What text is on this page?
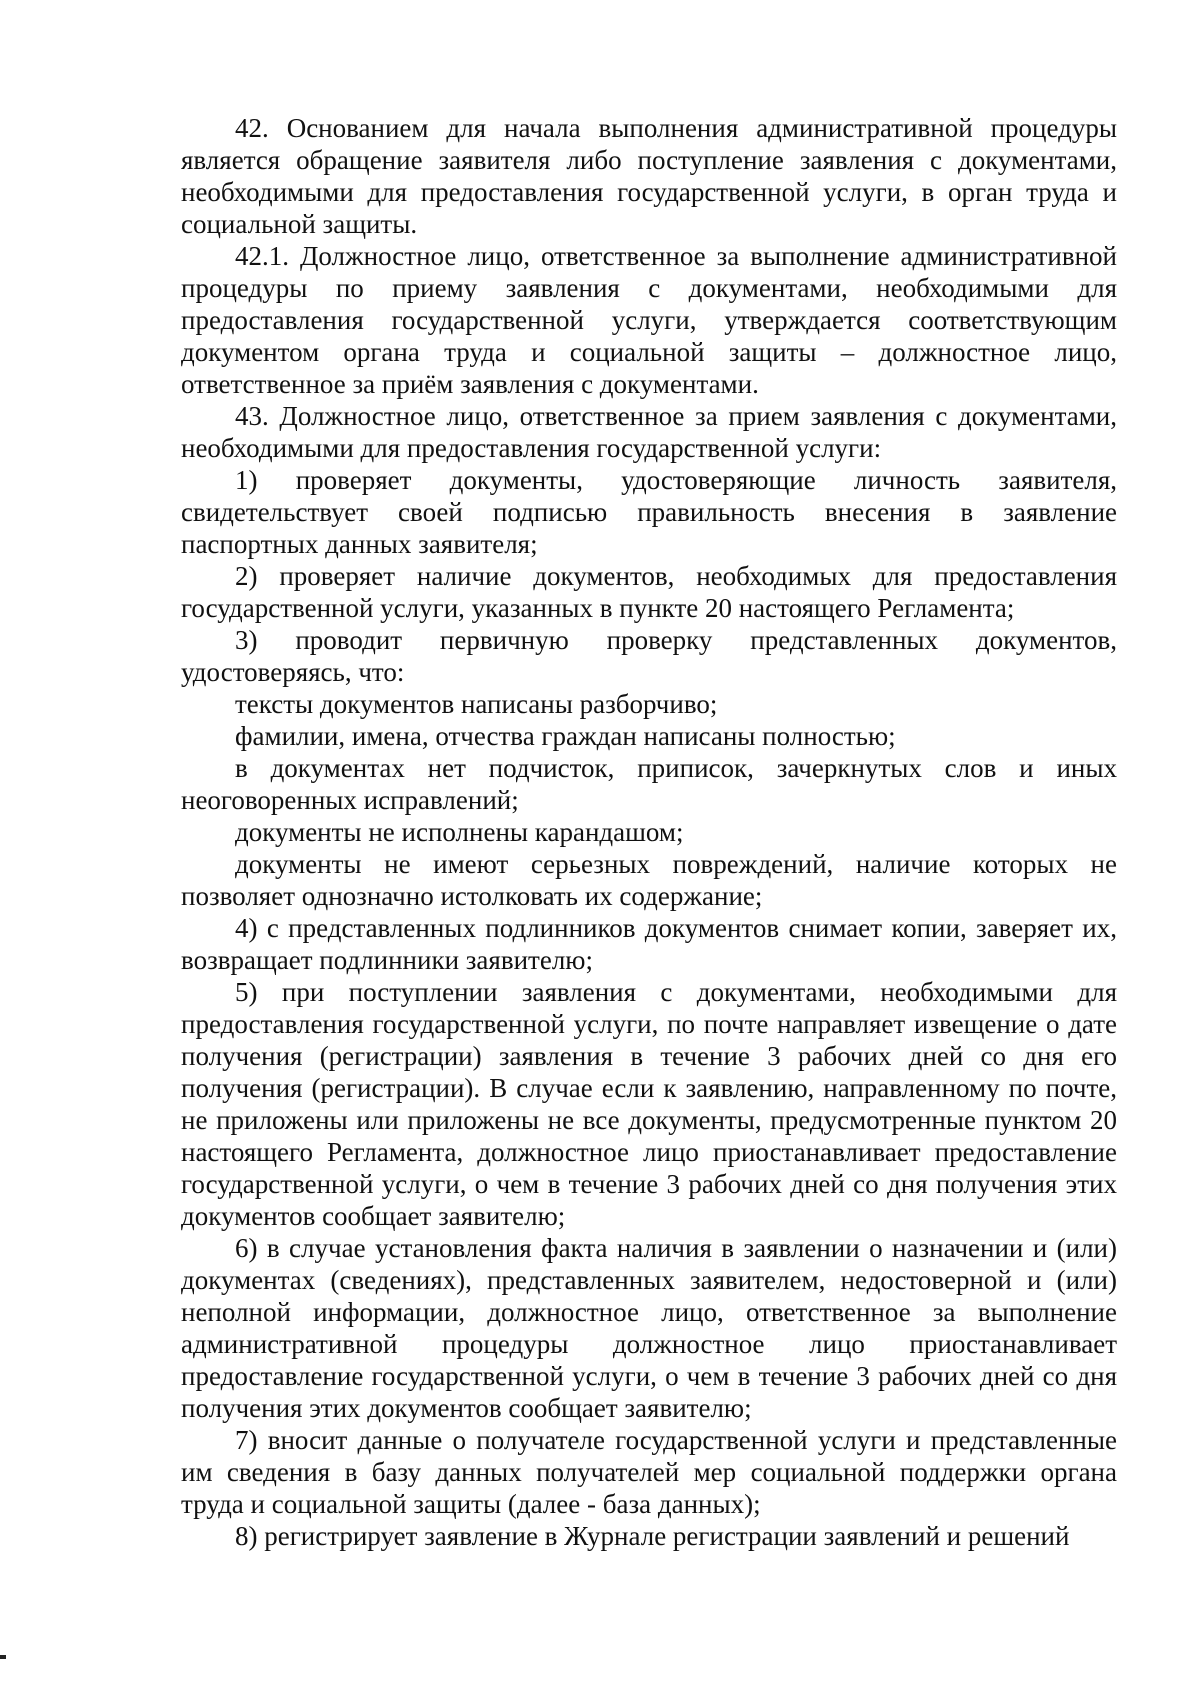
42. Основанием для начала выполнения административной процедуры является обращение заявителя либо поступление заявления с документами, необходимыми для предоставления государственной услуги, в орган труда и социальной защиты.

42.1. Должностное лицо, ответственное за выполнение административной процедуры по приему заявления с документами, необходимыми для предоставления государственной услуги, утверждается соответствующим документом органа труда и социальной защиты – должностное лицо, ответственное за приём заявления с документами.

43. Должностное лицо, ответственное за прием заявления с документами, необходимыми для предоставления государственной услуги:

1) проверяет документы, удостоверяющие личность заявителя, свидетельствует своей подписью правильность внесения в заявление паспортных данных заявителя;

2) проверяет наличие документов, необходимых для предоставления государственной услуги, указанных в пункте 20 настоящего Регламента;

3) проводит первичную проверку представленных документов, удостоверяясь, что:

тексты документов написаны разборчиво;

фамилии, имена, отчества граждан написаны полностью;

в документах нет подчисток, приписок, зачеркнутых слов и иных неоговоренных исправлений;

документы не исполнены карандашом;

документы не имеют серьезных повреждений, наличие которых не позволяет однозначно истолковать их содержание;

4) с представленных подлинников документов снимает копии, заверяет их, возвращает подлинники заявителю;

5) при поступлении заявления с документами, необходимыми для предоставления государственной услуги, по почте направляет извещение о дате получения (регистрации) заявления в течение 3 рабочих дней со дня его получения (регистрации). В случае если к заявлению, направленному по почте, не приложены или приложены не все документы, предусмотренные пунктом 20 настоящего Регламента, должностное лицо приостанавливает предоставление государственной услуги, о чем в течение 3 рабочих дней со дня получения этих документов сообщает заявителю;

6) в случае установления факта наличия в заявлении о назначении и (или) документах (сведениях), представленных заявителем, недостоверной и (или) неполной информации, должностное лицо, ответственное за выполнение административной процедуры должностное лицо приостанавливает предоставление государственной услуги, о чем в течение 3 рабочих дней со дня получения этих документов сообщает заявителю;

7) вносит данные о получателе государственной услуги и представленные им сведения в базу данных получателей мер социальной поддержки органа труда и социальной защиты (далее - база данных);

8) регистрирует заявление в Журнале регистрации заявлений и решений
